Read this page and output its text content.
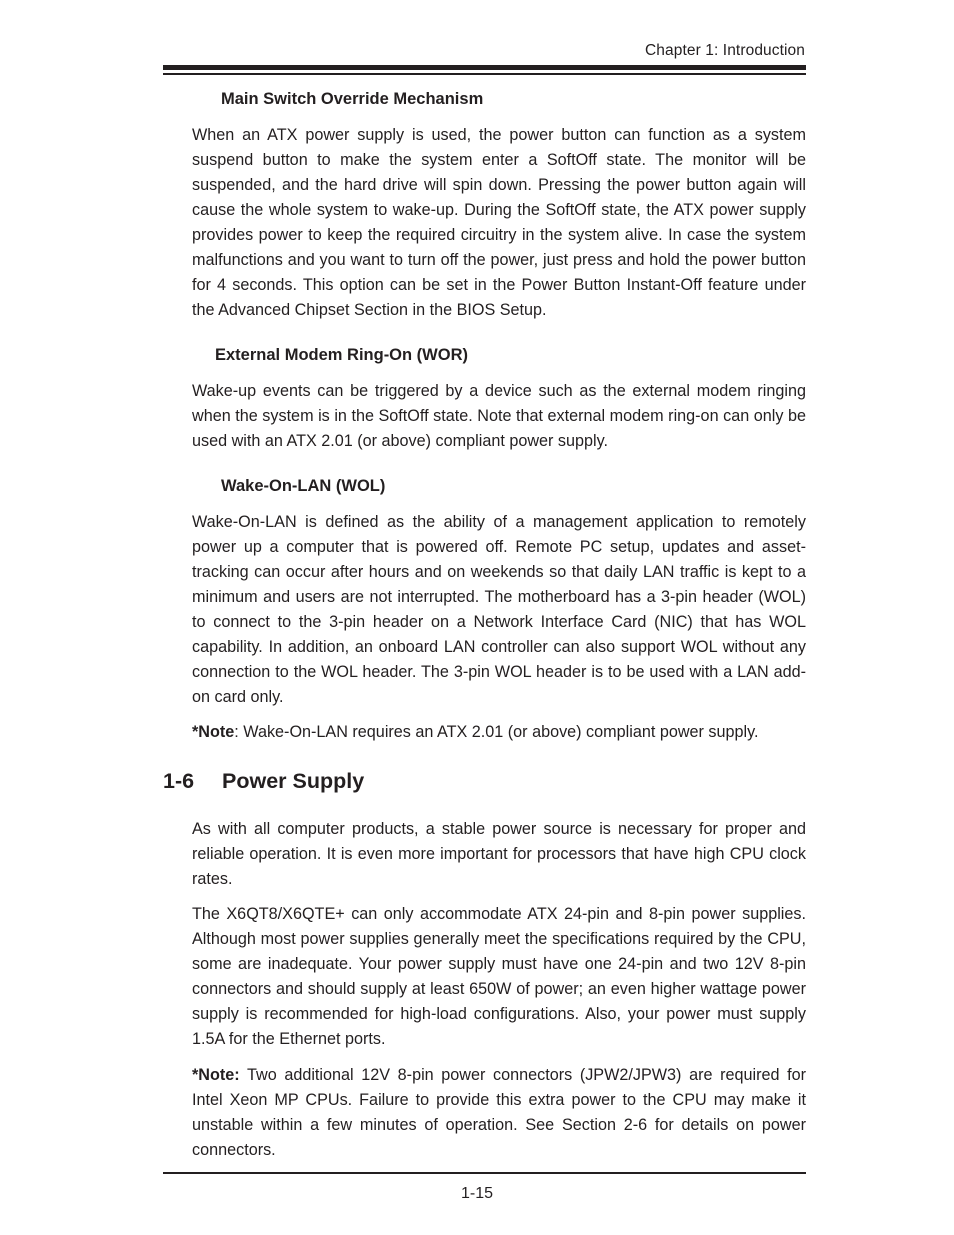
Chapter 1: Introduction
Main Switch Override Mechanism

When an ATX power supply is used, the power button can function as a system suspend button to make the system enter a SoftOff state. The monitor will be suspended, and the hard drive will spin down. Pressing the power button again will cause the whole system to wake-up. During the SoftOff state, the ATX power supply provides power to keep the required circuitry in the system alive. In case the system malfunctions and you want to turn off the power, just press and hold the power button for 4 seconds. This option can be set in the Power Button Instant-Off feature under the Advanced Chipset Section in the BIOS Setup.

External Modem Ring-On (WOR)

Wake-up events can be triggered by a device such as the external modem ringing when the system is in the SoftOff state. Note that external modem ring-on can only be used with an ATX 2.01 (or above) compliant power supply.

Wake-On-LAN (WOL)

Wake-On-LAN is defined as the ability of a management application to remotely power up a computer that is powered off. Remote PC setup, updates and asset-tracking can occur after hours and on weekends so that daily LAN traffic is kept to a minimum and users are not interrupted. The motherboard has a 3-pin header (WOL) to connect to the 3-pin header on a Network Interface Card (NIC) that has WOL capability. In addition, an onboard LAN controller can also support WOL without any connection to the WOL header. The 3-pin WOL header is to be used with a LAN add-on card only.

*Note: Wake-On-LAN requires an ATX 2.01 (or above) compliant power supply.

1-6 Power Supply

As with all computer products, a stable power source is necessary for proper and reliable operation. It is even more important for processors that have high CPU clock rates.

The X6QT8/X6QTE+ can only accommodate ATX 24-pin and 8-pin power supplies. Although most power supplies generally meet the specifications required by the CPU, some are inadequate. Your power supply must have one 24-pin and two 12V 8-pin connectors and should supply at least 650W of power; an even higher wattage power supply is recommended for high-load configurations. Also, your power must supply 1.5A for the Ethernet ports.

*Note: Two additional 12V 8-pin power connectors (JPW2/JPW3) are required for Intel Xeon MP CPUs. Failure to provide this extra power to the CPU may make it unstable within a few minutes of operation. See Section 2-6 for details on power connectors.

1-15
